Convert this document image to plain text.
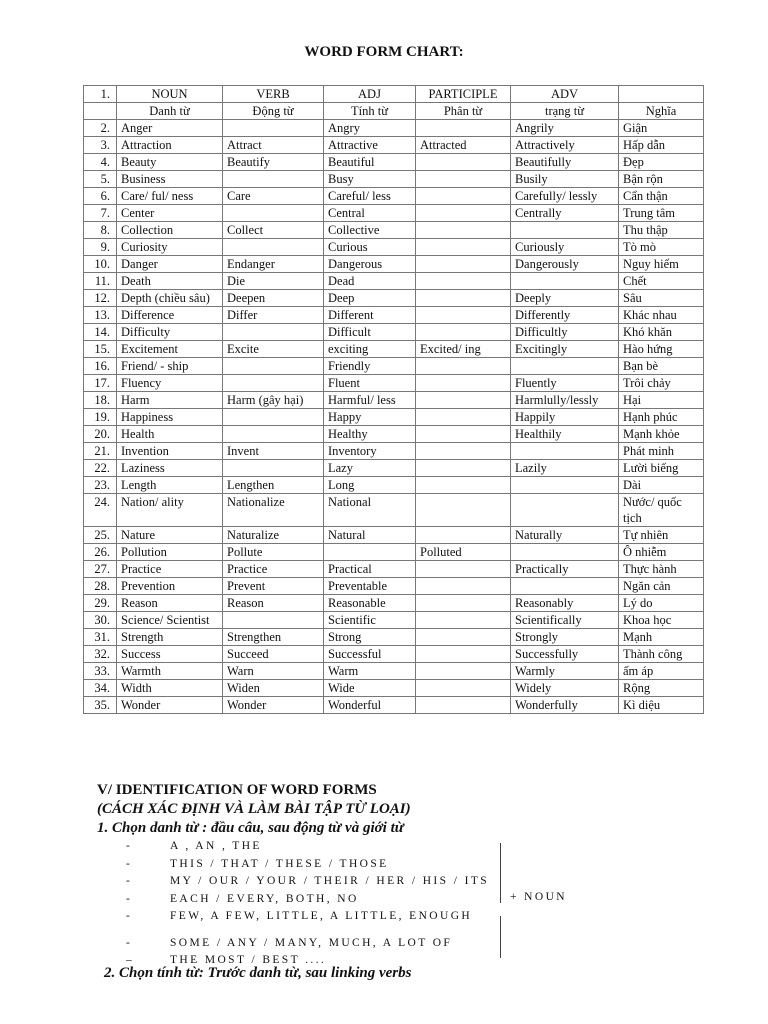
WORD FORM CHART:
1.	NOUN	VERB	ADJ	PARTICIPLE	ADV	
	Danh từ	Động từ	Tính từ	Phân từ	trạng từ	Nghĩa
2.	Anger		Angry		Angrily	Giận
3.	Attraction	Attract	Attractive	Attracted	Attractively	Hấp dẫn
4.	Beauty	Beautify	Beautiful		Beautifully	Đẹp
5.	Business		Busy		Busily	Bận rộn
6.	Care/ ful/ ness	Care	Careful/ less		Carefully/ lessly	Cẩn thận
7.	Center		Central		Centrally	Trung tâm
8.	Collection	Collect	Collective			Thu thập
9.	Curiosity		Curious		Curiously	Tò mò
10.	Danger	Endanger	Dangerous		Dangerously	Nguy hiểm
11.	Death	Die	Dead			Chết
12.	Depth (chiều sâu)	Deepen	Deep		Deeply	Sâu
13.	Difference	Differ	Different		Differently	Khác nhau
14.	Difficulty		Difficult		Difficultly	Khó khăn
15.	Excitement	Excite	exciting	Excited/ ing	Excitingly	Hào hứng
16.	Friend/ - ship		Friendly			Bạn bè
17.	Fluency		Fluent		Fluently	Trôi chảy
18.	Harm	Harm (gây hại)	Harmful/ less		Harmlully/lessly	Hại
19.	Happiness		Happy		Happily	Hạnh phúc
20.	Health		Healthy		Healthily	Mạnh khỏe
21.	Invention	Invent	Inventory			Phát minh
22.	Laziness		Lazy		Lazily	Lười biếng
23.	Length	Lengthen	Long			Dài
24.	Nation/ ality	Nationalize	National			Nước/ quốc tịch
25.	Nature	Naturalize	Natural		Naturally	Tự nhiên
26.	Pollution	Pollute		Polluted		Ô nhiễm
27.	Practice	Practice	Practical		Practically	Thực hành
28.	Prevention	Prevent	Preventable			Ngăn cản
29.	Reason	Reason	Reasonable		Reasonably	Lý do
30.	Science/ Scientist		Scientific		Scientifically	Khoa học
31.	Strength	Strengthen	Strong		Strongly	Mạnh
32.	Success	Succeed	Successful		Successfully	Thành công
33.	Warmth	Warn	Warm		Warmly	ấm áp
34.	Width	Widen	Wide		Widely	Rộng
35.	Wonder	Wonder	Wonderful		Wonderfully	Kì diệu
V/ IDENTIFICATION OF WORD FORMS
(CÁCH XÁC ĐỊNH VÀ LÀM BÀI TẬP TỪ LOẠI)
1. Chọn danh từ : đầu câu, sau động từ và giới từ
-	A , AN , THE
-	THIS / THAT / THESE / THOSE
-	MY / OUR / YOUR / THEIR / HER / HIS / ITS
-	EACH / EVERY, BOTH, NO
-	FEW, A FEW, LITTLE, A LITTLE, ENOUGH
-	SOME / ANY / MANY, MUCH, A LOT OF
–	THE MOST / BEST ....
+ NOUN
2. Chọn tính từ: Trước danh từ, sau linking verbs
